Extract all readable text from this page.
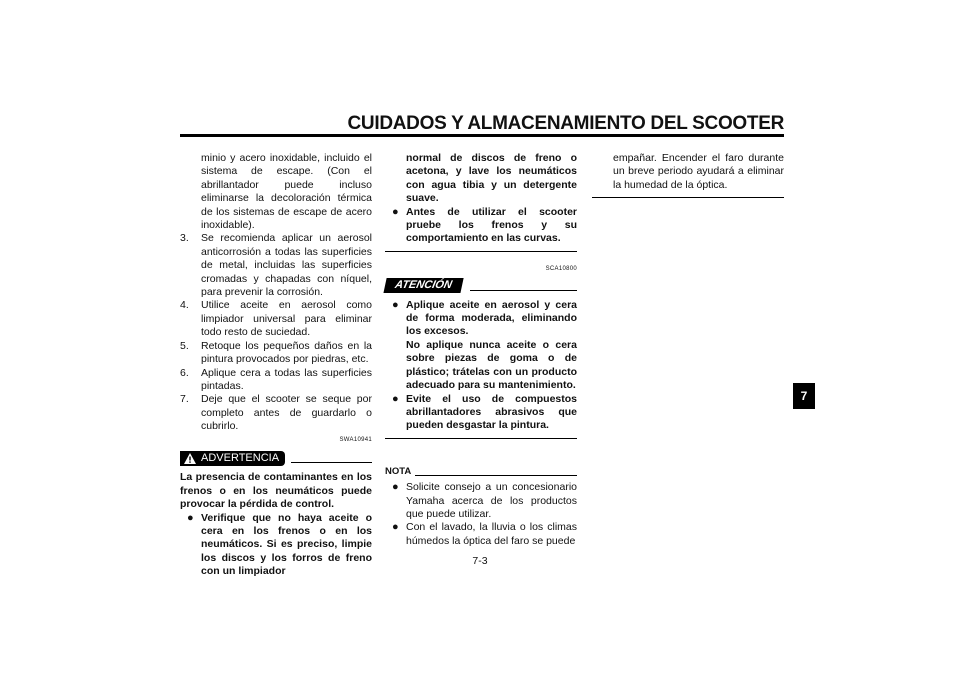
CUIDADOS Y ALMACENAMIENTO DEL SCOOTER

minio y acero inoxidable, incluido el sistema de escape. (Con el abrillantador puede incluso eliminarse la decoloración térmica de los sistemas de escape de acero inoxidable).

3.	Se recomienda aplicar un aerosol anticorrosión a todas las superficies de metal, incluidas las superficies cromadas y chapadas con níquel, para prevenir la corrosión.
4.	Utilice aceite en aerosol como limpiador universal para eliminar todo resto de suciedad.
5.	Retoque los pequeños daños en la pintura provocados por piedras, etc.
6.	Aplique cera a todas las superficies pintadas.
7.	Deje que el scooter se seque por completo antes de guardarlo o cubrirlo.
SWA10941
ADVERTENCIA

La presencia de contaminantes en los frenos o en los neumáticos puede provocar la pérdida de control.

● Verifique que no haya aceite o cera en los frenos o en los neumáticos. Si es preciso, limpie los discos y los forros de freno con un limpiador

normal de discos de freno o acetona, y lave los neumáticos con agua tibia y un detergente suave.

● Antes de utilizar el scooter pruebe los frenos y su comportamiento en las curvas.
SCA10800
ATENCIÓN
● Aplique aceite en aerosol y cera de forma moderada, eliminando los excesos.
No aplique nunca aceite o cera sobre piezas de goma o de plástico; trátelas con un producto adecuado para su mantenimiento.
● Evite el uso de compuestos abrillantadores abrasivos que pueden desgastar la pintura.
NOTA
● Solicite consejo a un concesionario Yamaha acerca de los productos que puede utilizar.
● Con el lavado, la lluvia o los climas húmedos la óptica del faro se puede

empañar. Encender el faro durante un breve periodo ayudará a eliminar la humedad de la óptica.

7
7-3
